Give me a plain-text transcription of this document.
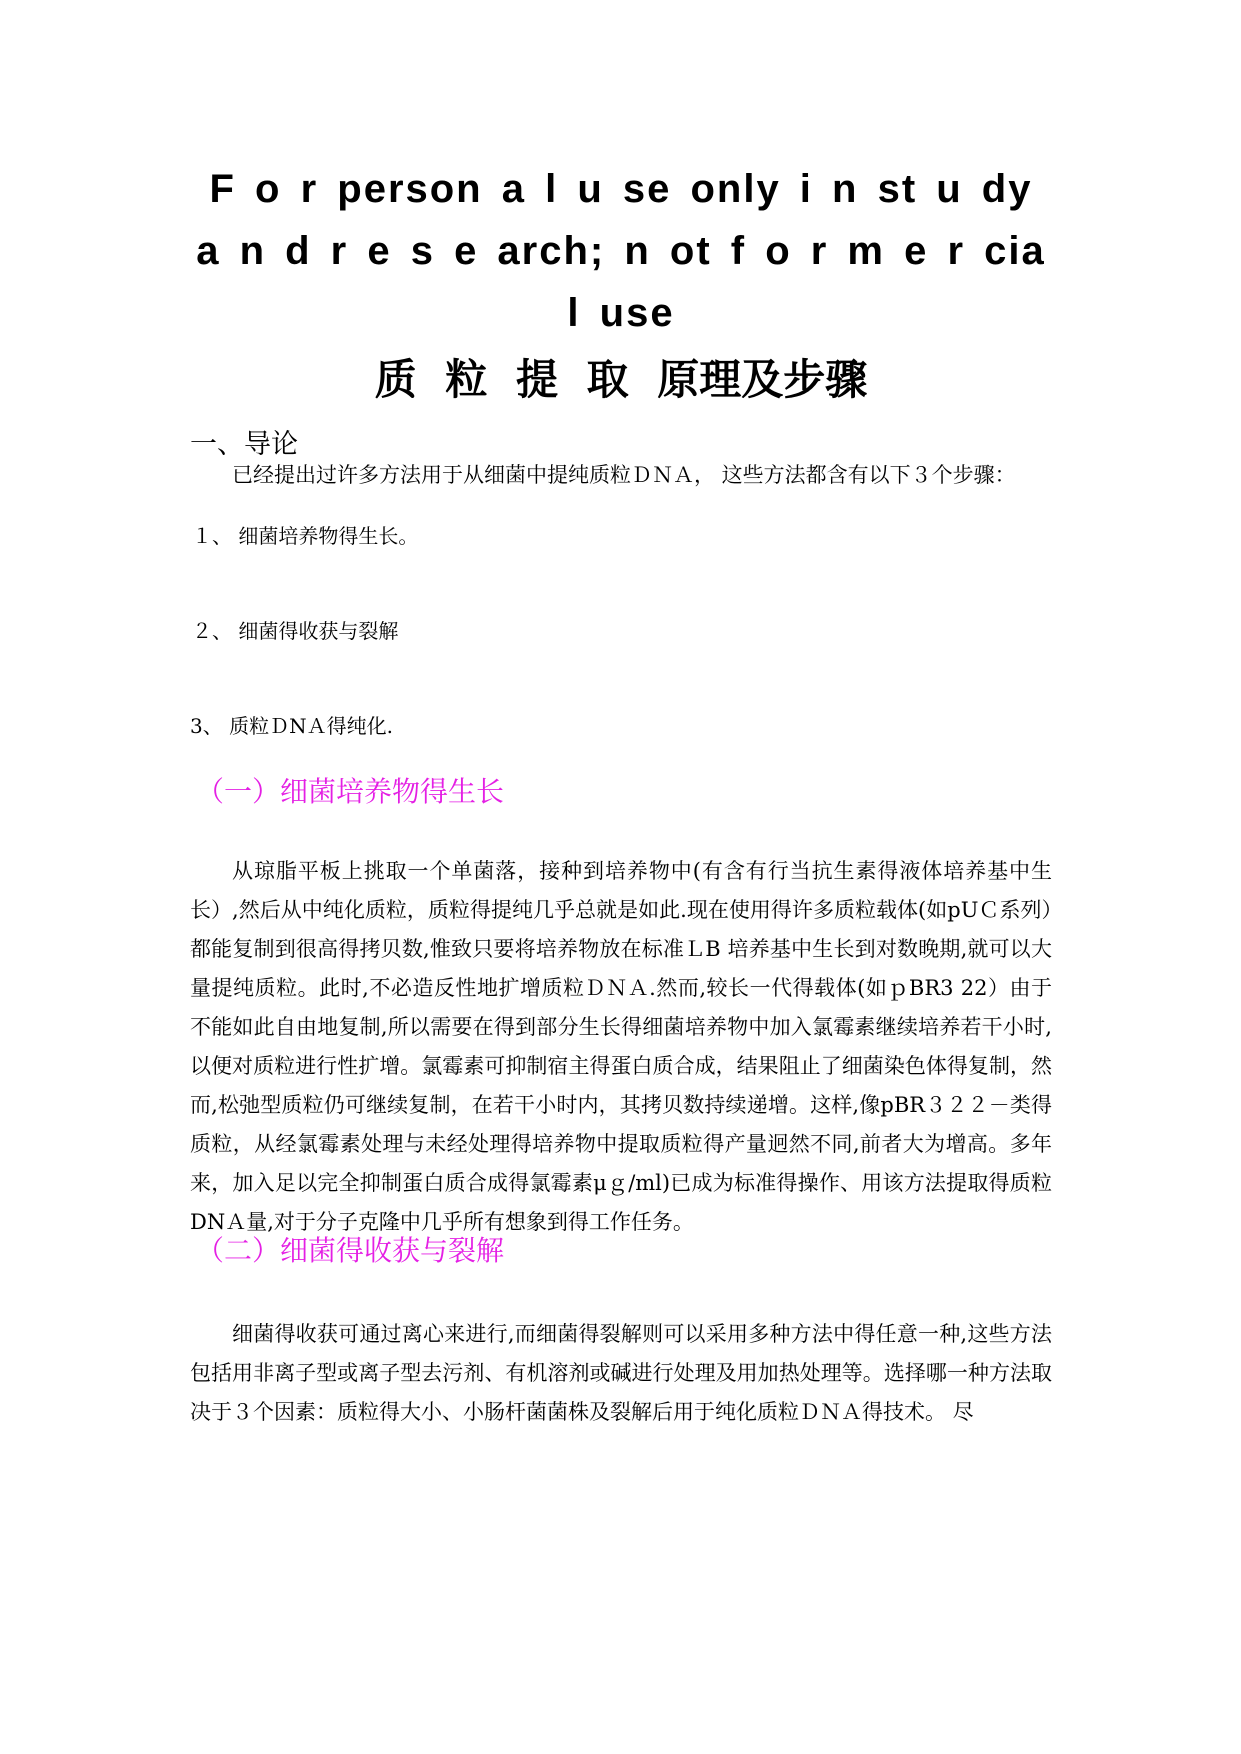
F o r person a l u se only i n st u dy a n d r e s e arch; n ot f o r m e r cia l use
质 粒 提 取 原理及步骤
一、导论

已经提出过许多方法用于从细菌中提纯质粒ＤＮＡ， 这些方法都含有以下３个步骤：

１、 细菌培养物得生长。
２、 细菌得收获与裂解
3、 质粒ＤNＡ得纯化.
（一）细菌培养物得生长

从琼脂平板上挑取一个单菌落，接种到培养物中(有含有行当抗生素得液体培养基中生长）,然后从中纯化质粒，质粒得提纯几乎总就是如此.现在使用得许多质粒载体(如pUＣ系列）都能复制到很高得拷贝数,惟致只要将培养物放在标准ＬB 培养基中生长到对数晚期,就可以大量提纯质粒。此时,不必造反性地扩增质粒ＤＮＡ.然而,较长一代得载体(如ｐBR3 22）由于不能如此自由地复制,所以需要在得到部分生长得细菌培养物中加入氯霉素继续培养若干小时,以便对质粒进行性扩增。氯霉素可抑制宿主得蛋白质合成，结果阻止了细菌染色体得复制，然而,松弛型质粒仍可继续复制，在若干小时内，其拷贝数持续递增。这样,像pBR３２２－类得质粒，从经氯霉素处理与未经处理得培养物中提取质粒得产量迥然不同,前者大为增高。多年来，加入足以完全抑制蛋白质合成得氯霉素μｇ/ml)已成为标准得操作、用该方法提取得质粒 DNＡ量,对于分子克隆中几乎所有想象到得工作任务。

（二）细菌得收获与裂解

细菌得收获可通过离心来进行,而细菌得裂解则可以采用多种方法中得任意一种,这些方法包括用非离子型或离子型去污剂、有机溶剂或碱进行处理及用加热处理等。选择哪一种方法取决于３个因素：质粒得大小、小肠杆菌菌株及裂解后用于纯化质粒ＤＮＡ得技术。 尽
